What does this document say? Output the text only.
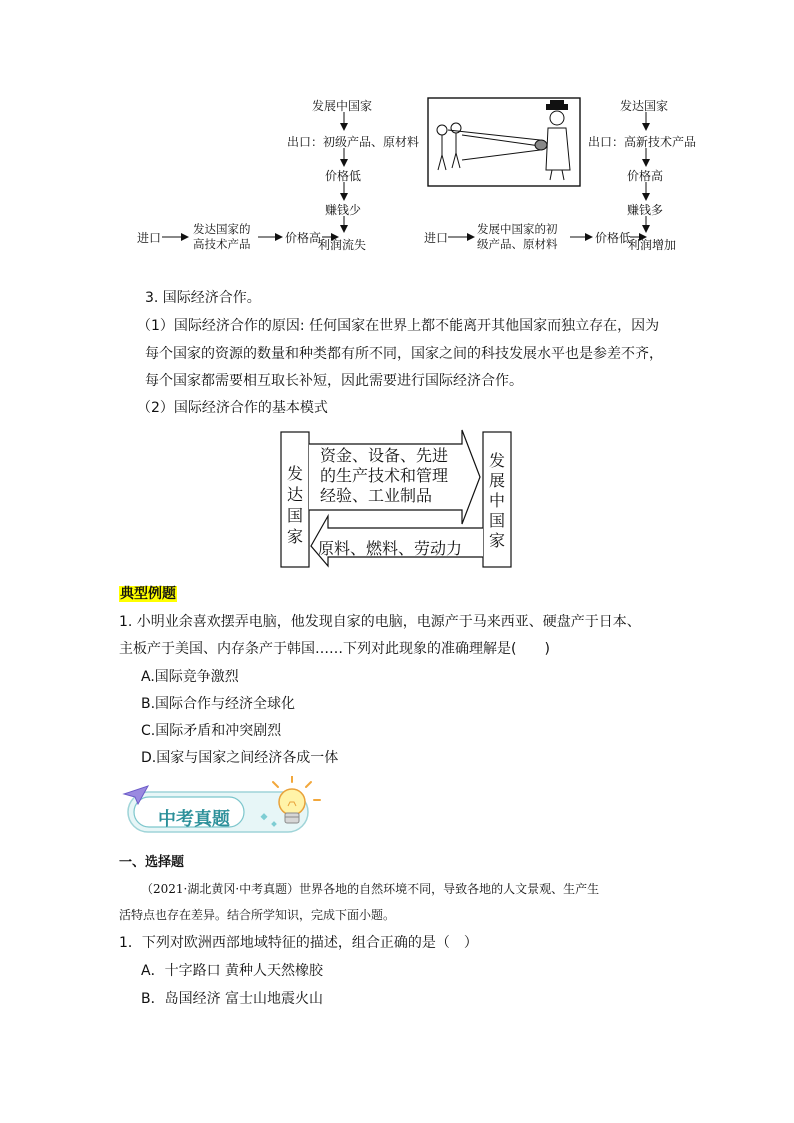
发展中国家
出口：初级产品、原材料
价格低
赚钱少
进口
发达国家的
高技术产品	价格高
利润流失
发达国家
出口：高新技术产品
价格高
赚钱多
进口
发展中国家的初
级产品、原材料	价格低
利润增加
3. 国际经济合作。
（1）国际经济合作的原因: 任何国家在世界上都不能离开其他国家而独立存在，因为
每个国家的资源的数量和种类都有所不同，国家之间的科技发展水平也是参差不齐，
每个国家都需要相互取长补短，因此需要进行国际经济合作。
（2）国际经济合作的基本模式
发
达
国
家
发
展
中
国
家
资金、设备、先进
的生产技术和管理
经验、工业制品
原料、燃料、劳动力
典型例题
1. 小明业余喜欢摆弄电脑，他发现自家的电脑，电源产于马来西亚、硬盘产于日本、
主板产于美国、内存条产于韩国……下列对此现象的准确理解是(　　)
A.国际竞争激烈
B.国际合作与经济全球化
C.国际矛盾和冲突剧烈
D.国家与国家之间经济各成一体
中考真题
一、选择题
（2021·湖北黄冈·中考真题）世界各地的自然环境不同，导致各地的人文景观、生产生
活特点也存在差异。结合所学知识，完成下面小题。
1．下列对欧洲西部地域特征的描述，组合正确的是（　）
A．十字路口 黄种人天然橡胶
B．岛国经济 富士山地震火山
